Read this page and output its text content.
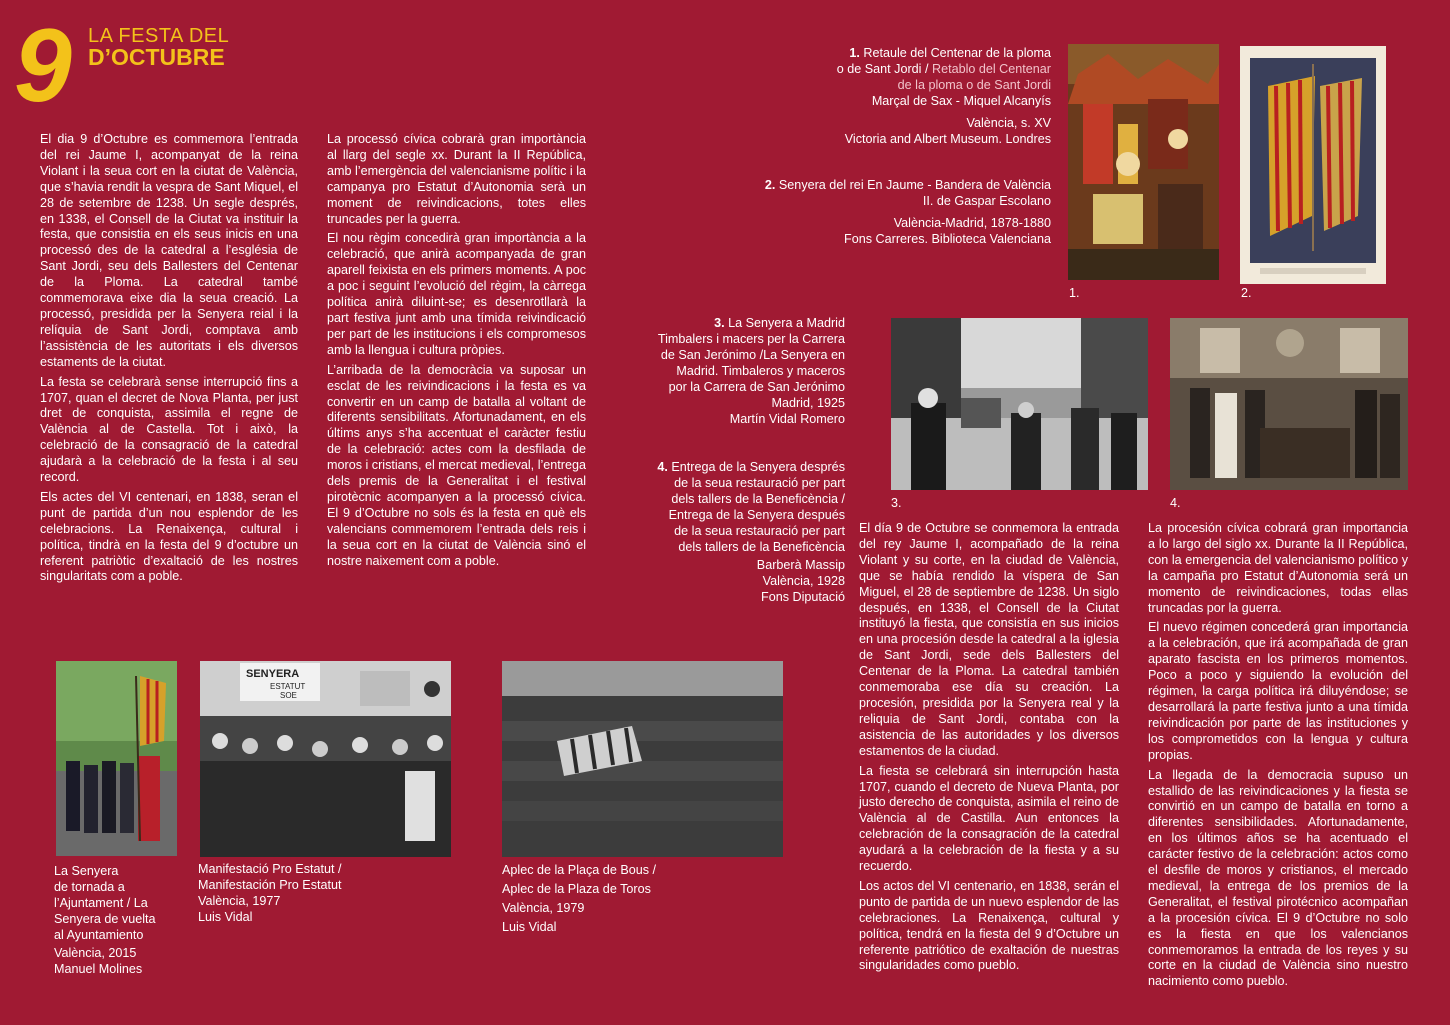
9 LA FESTA DEL
D’OCTUBRE

El dia 9 d’Octubre es commemora l’entrada del rei Jaume I, acompanyat de la reina Violant i la seua cort en la ciutat de València, que s’havia rendit la vespra de Sant Miquel, el 28 de setembre de 1238. Un segle després, en 1338, el Consell de la Ciutat va instituir la festa, que consistia en els seus inicis en una processó des de la catedral a l’església de Sant Jordi, seu dels Ballesters del Centenar de la Ploma. La catedral també commemorava eixe dia la seua creació. La processó, presidida per la Senyera reial i la relíquia de Sant Jordi, comptava amb l’assistència de les autoritats i els diversos estaments de la ciutat.

La festa se celebrarà sense interrupció fins a 1707, quan el decret de Nova Planta, per just dret de conquista, assimila el regne de València al de Castella. Tot i això, la celebració de la consagració de la catedral ajudarà a la celebració de la festa i al seu record.

Els actes del VI centenari, en 1838, seran el punt de partida d’un nou esplendor de les celebracions. La Renaixença, cultural i política, tindrà en la festa del 9 d’octubre un referent patriòtic d’exaltació de les nostres singularitats com a poble.

La processó cívica cobrarà gran importància al llarg del segle xx. Durant la II República, amb l’emergència del valencianisme polític i la campanya pro Estatut d’Autonomia serà un moment de reivindicacions, totes elles truncades per la guerra.

El nou règim concedirà gran importància a la celebració, que anirà acompanyada de gran aparell feixista en els primers moments. A poc a poc i seguint l’evolució del règim, la càrrega política anirà diluint-se; es desenrotllarà la part festiva junt amb una tímida reivindicació per part de les institucions i els compromesos amb la llengua i cultura pròpies.

L’arribada de la democràcia va suposar un esclat de les reivindicacions i la festa es va convertir en un camp de batalla al voltant de diferents sensibilitats. Afortunadament, en els últims anys s’ha accentuat el caràcter festiu de la celebració: actes com la desfilada de moros i cristians, el mercat medieval, l’entrega dels premis de la Generalitat i el festival pirotècnic acompanyen a la processó cívica. El 9 d’Octubre no sols és la festa en què els valencians commemorem l’entrada dels reis i la seua cort en la ciutat de València sinó el nostre naixement com a poble.

1. Retaule del Centenar de la ploma
o de Sant Jordi / Retablo del Centenar
de la ploma o de Sant Jordi
Marçal de Sax - Miquel Alcanyís
València, s. XV
Victoria and Albert Museum. Londres
2. Senyera del rei En Jaume - Bandera de València
II. de Gaspar Escolano
València-Madrid, 1878-1880
Fons Carreres. Biblioteca Valenciana
1.	2.
3. La Senyera a Madrid
Timbalers i macers per la Carrera
de San Jerónimo /La Senyera en
Madrid. Timbaleros y maceros
por la Carrera de San Jerónimo
Madrid, 1925
Martín Vidal Romero
4. Entrega de la Senyera després
de la seua restauració per part
dels tallers de la Beneficència /
Entrega de la Senyera después
de la seua restauració per part
dels tallers de la Beneficència
Barberà Massip
València, 1928
Fons Diputació
3.	4.

El día 9 de Octubre se conmemora la entrada del rey Jaume I, acompañado de la reina Violant y su corte, en la ciudad de València, que se había rendido la víspera de San Miguel, el 28 de septiembre de 1238. Un siglo después, en 1338, el Consell de la Ciutat instituyó la fiesta, que consistía en sus inicios en una procesión desde la catedral a la iglesia de Sant Jordi, sede dels Ballesters del Centenar de la Ploma. La catedral también conmemoraba ese día su creación. La procesión, presidida por la Senyera real y la reliquia de Sant Jordi, contaba con la asistencia de las autoridades y los diversos estamentos de la ciudad.

La fiesta se celebrará sin interrupción hasta 1707, cuando el decreto de Nueva Planta, por justo derecho de conquista, asimila el reino de València al de Castilla. Aun entonces la celebración de la consagración de la catedral ayudará a la celebración de la fiesta y a su recuerdo.

Los actos del VI centenario, en 1838, serán el punto de partida de un nuevo esplendor de las celebraciones. La Renaixença, cultural y política, tendrá en la fiesta del 9 d’Octubre un referente patriótico de exaltación de nuestras singularidades como pueblo.

La procesión cívica cobrará gran importancia a lo largo del siglo xx. Durante la II República, con la emergencia del valencianismo político y la campaña pro Estatut d’Autonomia será un momento de reivindicaciones, todas ellas truncadas por la guerra.

El nuevo régimen concederá gran importancia a la celebración, que irá acompañada de gran aparato fascista en los primeros momentos. Poco a poco y siguiendo la evolución del régimen, la carga política irá diluyéndose; se desarrollará la parte festiva junto a una tímida reivindicación por parte de las instituciones y los comprometidos con la lengua y cultura propias.

La llegada de la democracia supuso un estallido de las reivindicaciones y la fiesta se convirtió en un campo de batalla en torno a diferentes sensibilidades. Afortunadamente, en los últimos años se ha acentuado el carácter festivo de la celebración: actos como el desfile de moros y cristianos, el mercado medieval, la entrega de los premios de la Generalitat, el festival pirotécnico acompañan a la procesión cívica. El 9 d’Octubre no solo es la fiesta en que los valencianos conmemoramos la entrada de los reyes y su corte en la ciudad de València sino nuestro nacimiento como pueblo.

SENYERA
ESTATUT
SOE
La Senyera
de tornada a
l’Ajuntament / La
Senyera de vuelta
al Ayuntamiento
València, 2015
Manuel Molines
Manifestació Pro Estatut /
Manifestación Pro Estatut
València, 1977
Luis Vidal
Aplec de la Plaça de Bous /
Aplec de la Plaza de Toros
València, 1979
Luis Vidal
